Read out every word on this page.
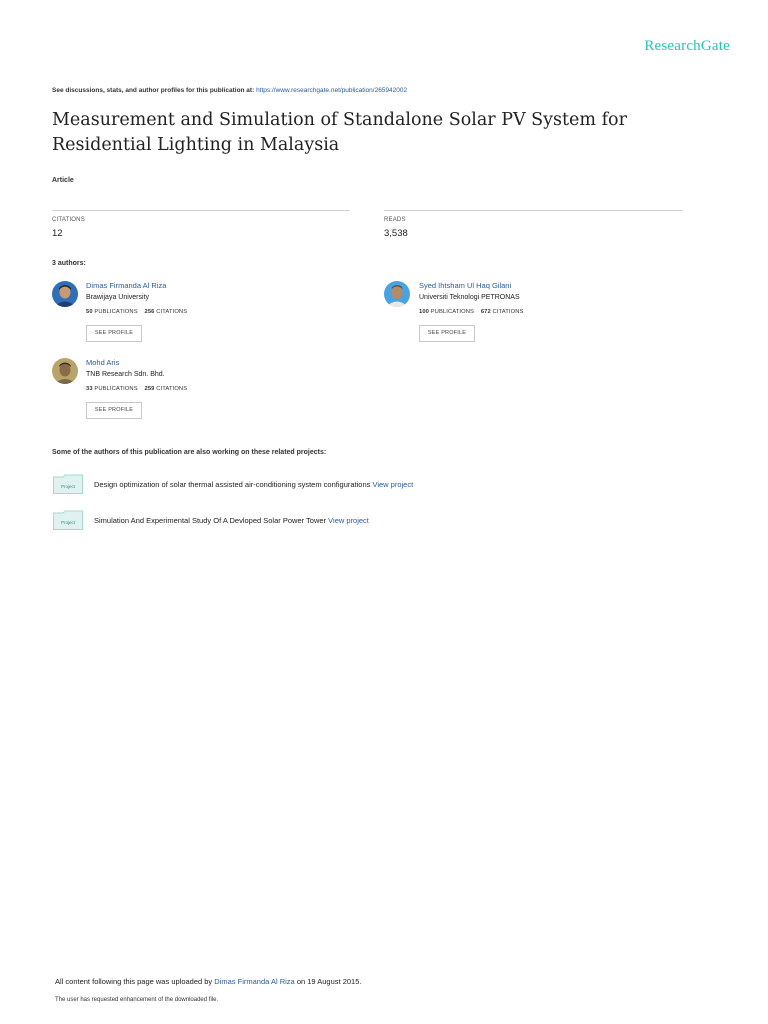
ResearchGate
See discussions, stats, and author profiles for this publication at: https://www.researchgate.net/publication/265942002
Measurement and Simulation of Standalone Solar PV System for Residential Lighting in Malaysia
Article
CITATIONS
12
READS
3,538
3 authors:
Dimas Firmanda Al Riza
Brawijaya University
50 PUBLICATIONS 256 CITATIONS
SEE PROFILE
Syed Ihtsham Ul Haq Gilani
Universiti Teknologi PETRONAS
100 PUBLICATIONS 672 CITATIONS
SEE PROFILE
Mohd Aris
TNB Research Sdn. Bhd.
33 PUBLICATIONS 259 CITATIONS
SEE PROFILE
Some of the authors of this publication are also working on these related projects:
Project	Design optimization of solar thermal assisted air-conditioning system configurations View project
Project	Simulation And Experimental Study Of A Devloped Solar Power Tower View project
All content following this page was uploaded by Dimas Firmanda Al Riza on 19 August 2015.
The user has requested enhancement of the downloaded file.
